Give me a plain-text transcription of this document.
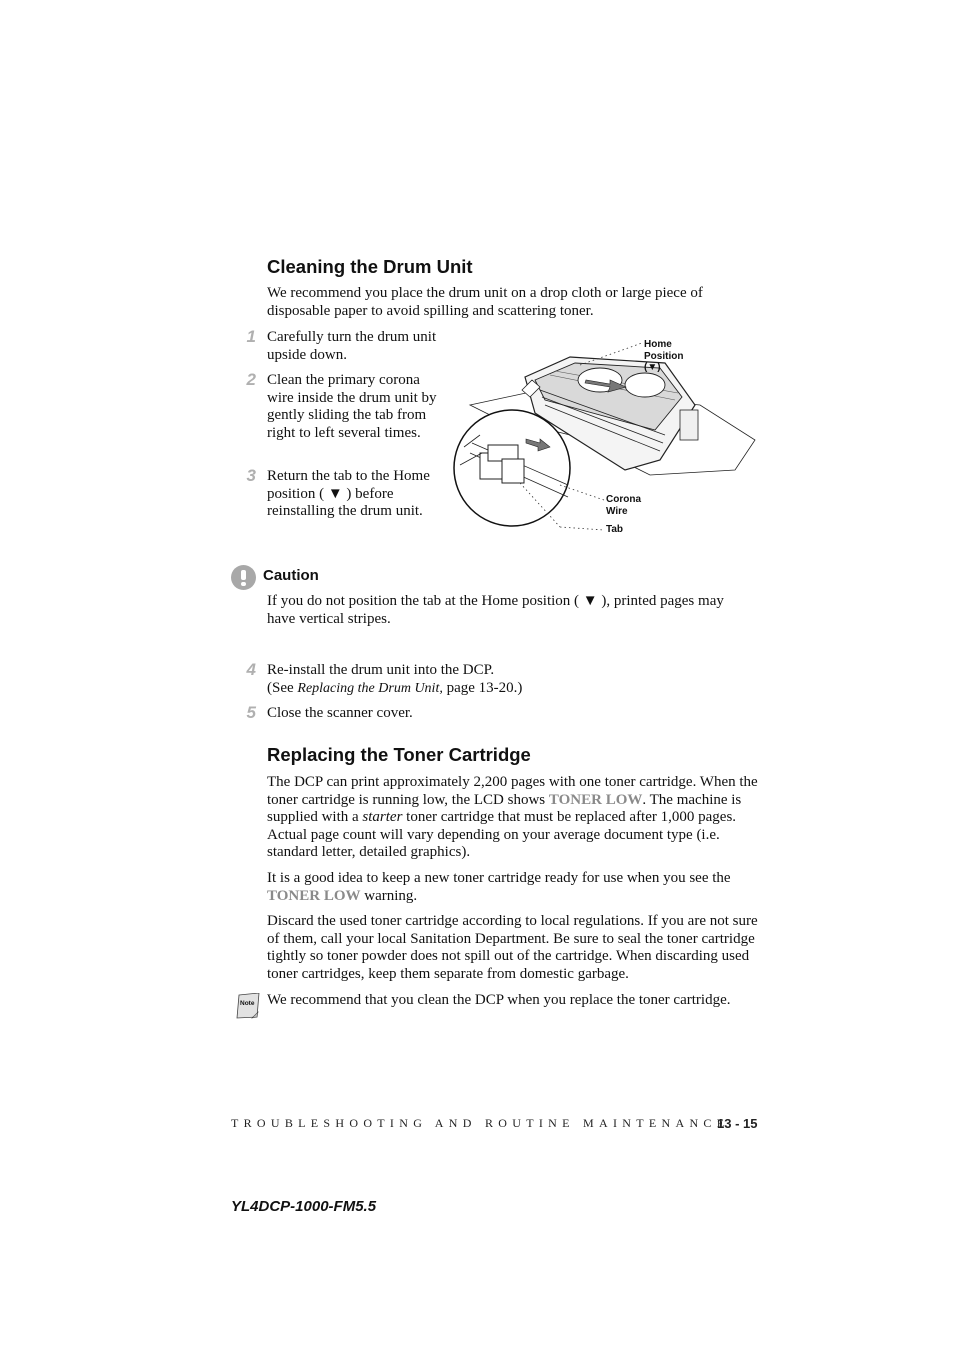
Cleaning the Drum Unit
We recommend you place the drum unit on a drop cloth or large piece of disposable paper to avoid spilling and scattering toner.
1 Carefully turn the drum unit upside down.
2 Clean the primary corona wire inside the drum unit by gently sliding the tab from right to left several times.
3 Return the tab to the Home position ( ▼ ) before reinstalling the drum unit.
Home
Position
(▼)
Corona
Wire
Tab
Caution
If you do not position the tab at the Home position ( ▼ ), printed pages may have vertical stripes.
4 Re-install the drum unit into the DCP.
(See Replacing the Drum Unit, page 13-20.)
5 Close the scanner cover.
Replacing the Toner Cartridge
The DCP can print approximately 2,200 pages with one toner cartridge. When the toner cartridge is running low, the LCD shows TONER LOW. The machine is supplied with a starter toner cartridge that must be replaced after 1,000 pages. Actual page count will vary depending on your average document type (i.e. standard letter, detailed graphics).
It is a good idea to keep a new toner cartridge ready for use when you see the TONER LOW warning.
Discard the used toner cartridge according to local regulations. If you are not sure of them, call your local Sanitation Department. Be sure to seal the toner cartridge tightly so toner powder does not spill out of the cartridge. When discarding used toner cartridges, keep them separate from domestic garbage.
Note We recommend that you clean the DCP when you replace the toner cartridge.
TROUBLESHOOTING AND ROUTINE MAINTENANCE
13 - 15
YL4DCP-1000-FM5.5
